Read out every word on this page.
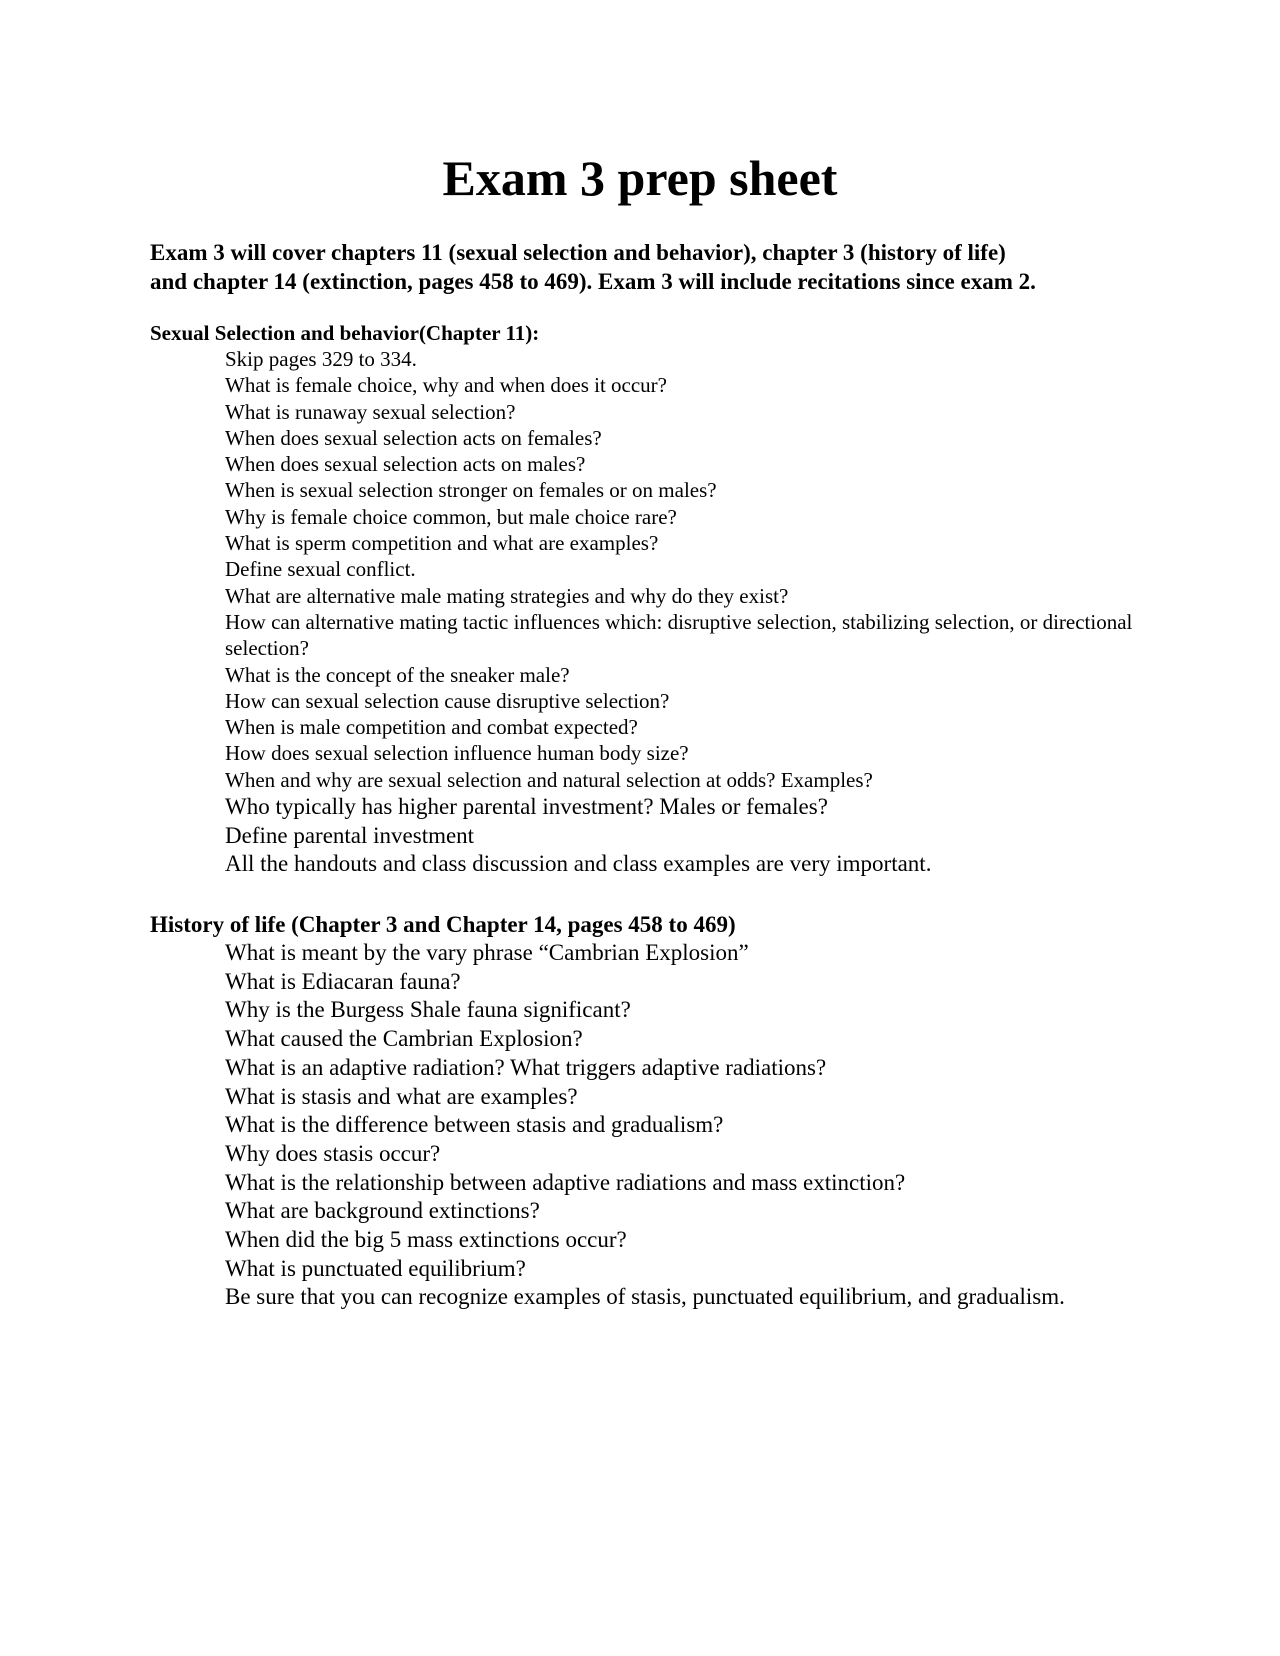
Exam 3 prep sheet
Exam 3 will cover chapters 11 (sexual selection and behavior), chapter 3 (history of life)
and chapter 14 (extinction, pages 458 to 469). Exam 3 will include recitations since exam 2.

Sexual Selection and behavior(Chapter 11):

Skip pages 329 to 334.
What is female choice, why and when does it occur?
What is runaway sexual selection?
When does sexual selection acts on females?
When does sexual selection acts on males?
When is sexual selection stronger on females or on males?
Why is female choice common, but male choice rare?
What is sperm competition and what are examples?
Define sexual conflict.
What are alternative male mating strategies and why do they exist?
How can alternative mating tactic influences which: disruptive selection, stabilizing selection, or directional selection?
What is the concept of the sneaker male?
How can sexual selection cause disruptive selection?
When is male competition and combat expected?
How does sexual selection influence human body size?
When and why are sexual selection and natural selection at odds? Examples?
Who typically has higher parental investment? Males or females?
Define parental investment
All the handouts and class discussion and class examples are very important.

History of life (Chapter 3 and Chapter 14, pages 458 to 469)

What is meant by the vary phrase “Cambrian Explosion”
What is Ediacaran fauna?
Why is the Burgess Shale fauna significant?
What caused the Cambrian Explosion?
What is an adaptive radiation? What triggers adaptive radiations?
What is stasis and what are examples?
What is the difference between stasis and gradualism?
Why does stasis occur?
What is the relationship between adaptive radiations and mass extinction?
What are background extinctions?
When did the big 5 mass extinctions occur?
What is punctuated equilibrium?
Be sure that you can recognize examples of stasis, punctuated equilibrium, and gradualism.
